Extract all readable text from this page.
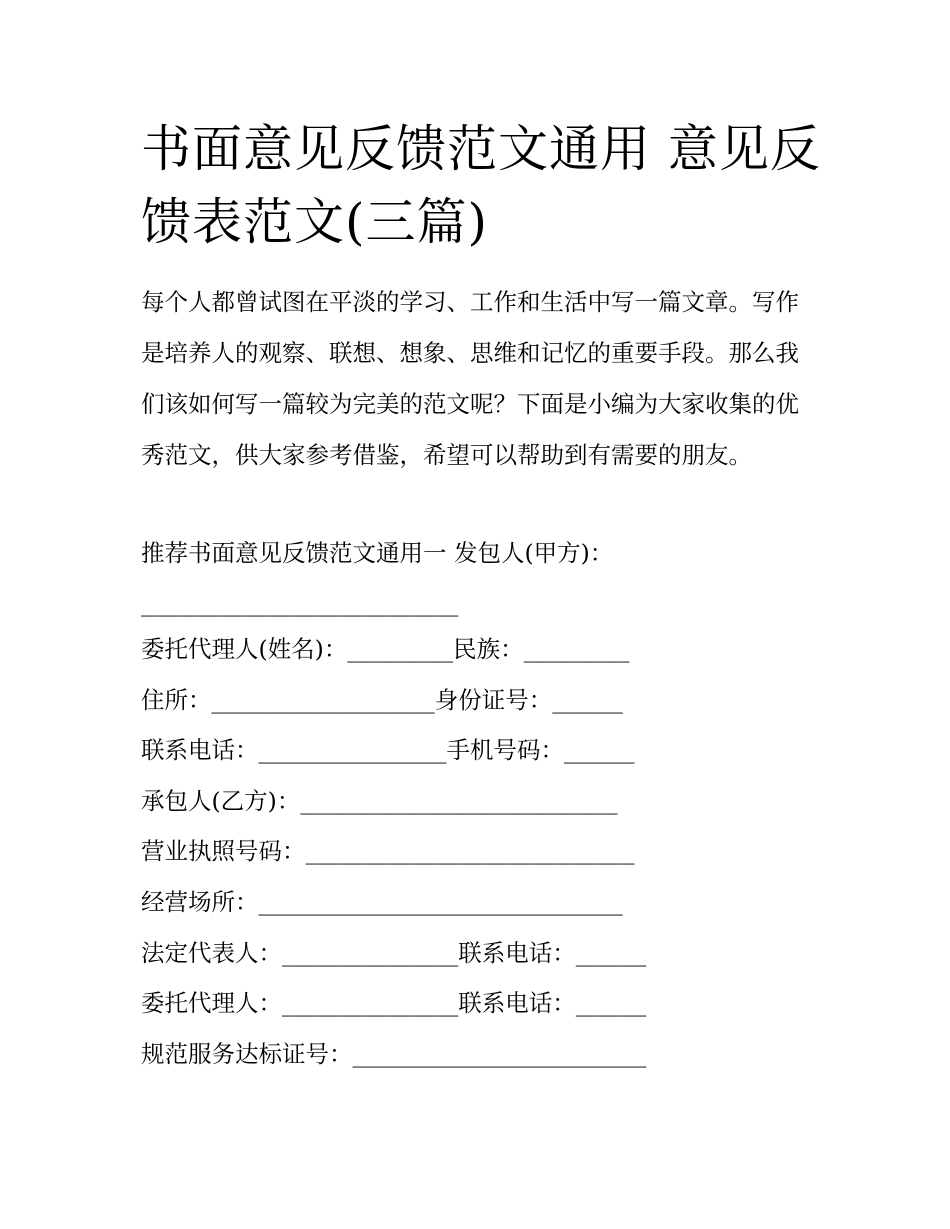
书面意见反馈范文通用 意见反馈表范文(三篇)

每个人都曾试图在平淡的学习、工作和生活中写一篇文章。写作是培养人的观察、联想、想象、思维和记忆的重要手段。那么我们该如何写一篇较为完美的范文呢？下面是小编为大家收集的优秀范文，供大家参考借鉴，希望可以帮助到有需要的朋友。

推荐书面意见反馈范文通用一 发包人(甲方)：

___________________________

委托代理人(姓名)：_________民族：_________

住所：___________________身份证号：______

联系电话：________________手机号码：______

承包人(乙方)：___________________________

营业执照号码：____________________________

经营场所：_______________________________

法定代表人：_______________联系电话：______

委托代理人：_______________联系电话：______

规范服务达标证号：_________________________
